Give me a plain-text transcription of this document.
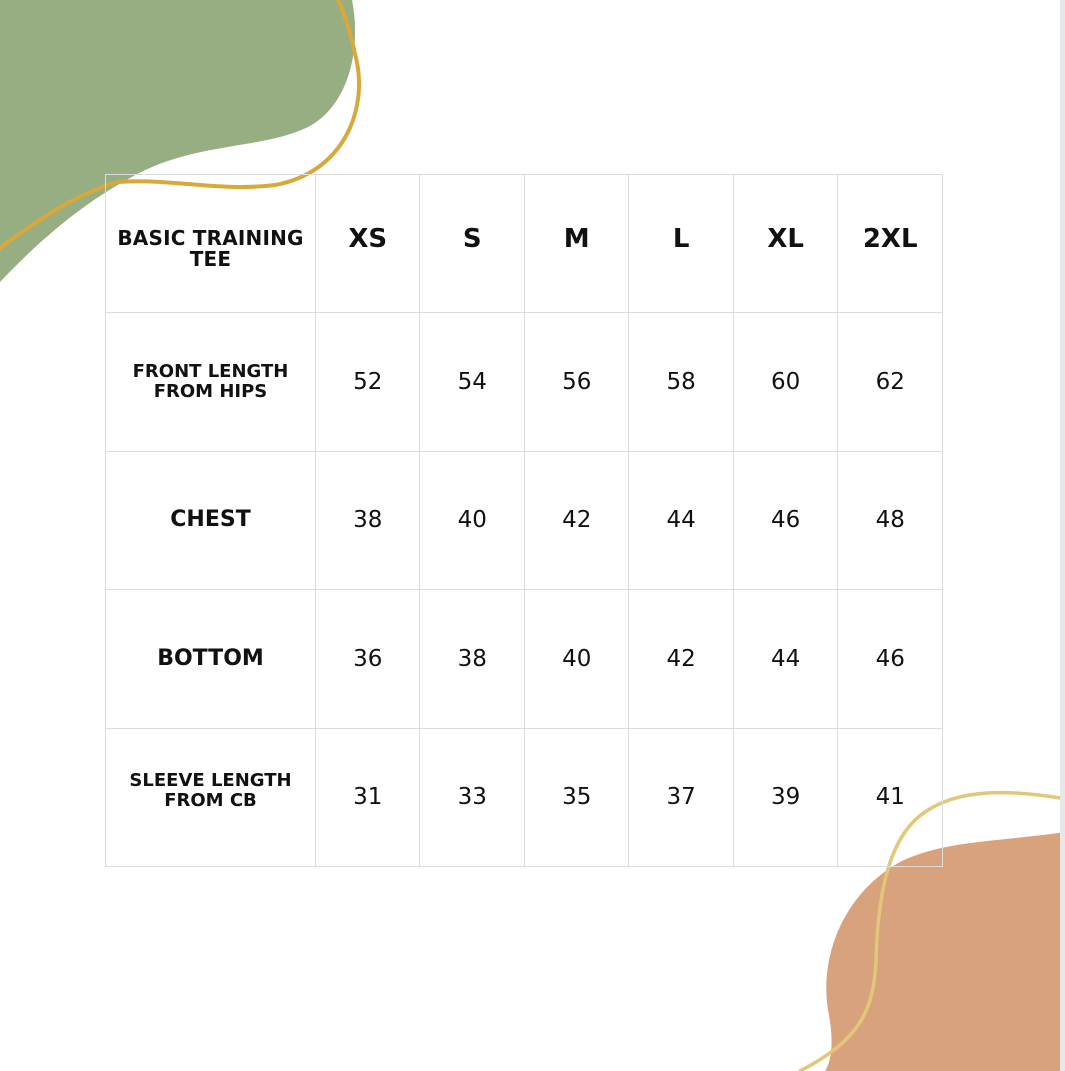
BASIC TRAINING
TEE	XS	S	M	L	XL	2XL

FRONT LENGTH
FROM HIPS	52	54	56	58	60	62

CHEST	38	40	42	44	46	48

BOTTOM	36	38	40	42	44	46

SLEEVE LENGTH
FROM CB	31	33	35	37	39	41
